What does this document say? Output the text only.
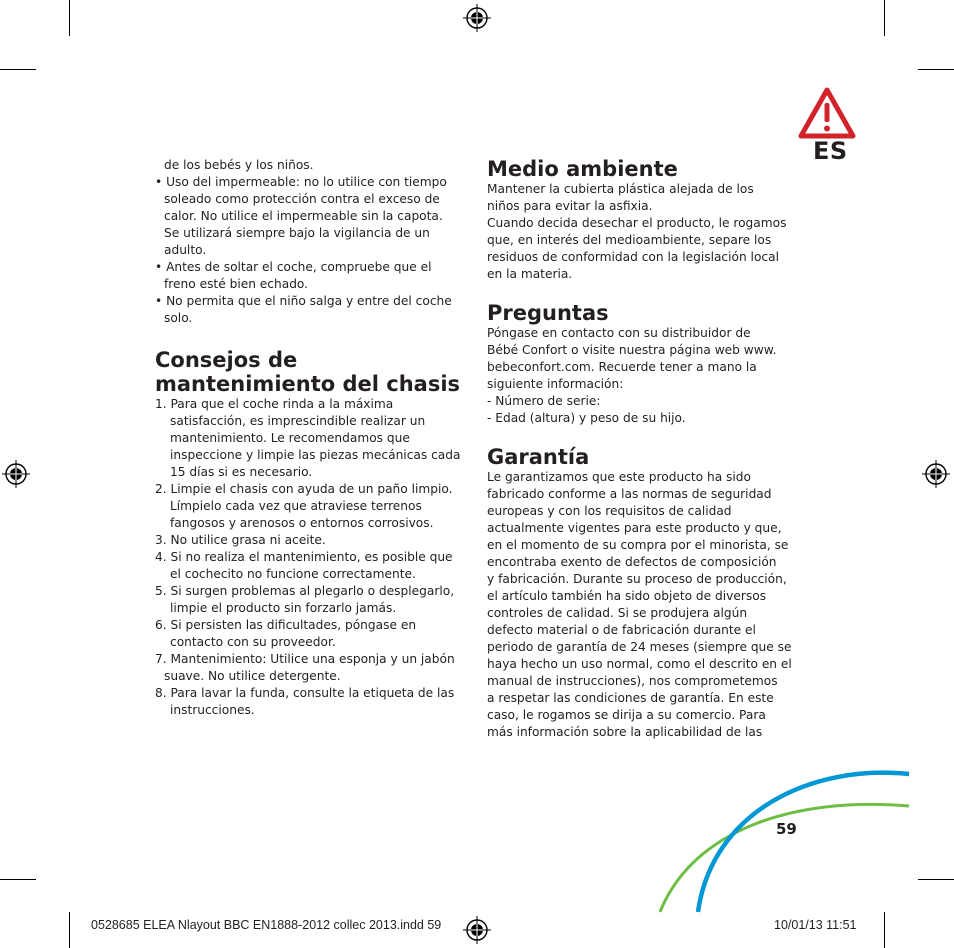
ES
de los bebés y los niños.
• Uso del impermeable: no lo utilice con tiempo
soleado como protección contra el exceso de
calor. No utilice el impermeable sin la capota.
Se utilizará siempre bajo la vigilancia de un
adulto.
• Antes de soltar el coche, compruebe que el
freno esté bien echado.
• No permita que el niño salga y entre del coche
solo.
Consejos de
mantenimiento del chasis
1. Para que el coche rinda a la máxima
satisfacción, es imprescindible realizar un
mantenimiento. Le recomendamos que
inspeccione y limpie las piezas mecánicas cada
15 días si es necesario.
2. Limpie el chasis con ayuda de un paño limpio.
Límpielo cada vez que atraviese terrenos
fangosos y arenosos o entornos corrosivos.
3. No utilice grasa ni aceite.
4. Si no realiza el mantenimiento, es posible que
el cochecito no funcione correctamente.
5. Si surgen problemas al plegarlo o desplegarlo,
limpie el producto sin forzarlo jamás.
6. Si persisten las dificultades, póngase en
contacto con su proveedor.
7. Mantenimiento: Utilice una esponja y un jabón
suave. No utilice detergente.
8. Para lavar la funda, consulte la etiqueta de las
instrucciones.
Medio ambiente
Mantener la cubierta plástica alejada de los
niños para evitar la asfixia.
Cuando decida desechar el producto, le rogamos
que, en interés del medioambiente, separe los
residuos de conformidad con la legislación local
en la materia.
Preguntas
Póngase en contacto con su distribuidor de
Bébé Confort o visite nuestra página web www.
bebeconfort.com. Recuerde tener a mano la
siguiente información:
- Número de serie:
- Edad (altura) y peso de su hijo.
Garantía
Le garantizamos que este producto ha sido
fabricado conforme a las normas de seguridad
europeas y con los requisitos de calidad
actualmente vigentes para este producto y que,
en el momento de su compra por el minorista, se
encontraba exento de defectos de composición
y fabricación. Durante su proceso de producción,
el artículo también ha sido objeto de diversos
controles de calidad. Si se produjera algún
defecto material o de fabricación durante el
periodo de garantía de 24 meses (siempre que se
haya hecho un uso normal, como el descrito en el
manual de instrucciones), nos comprometemos
a respetar las condiciones de garantía. En este
caso, le rogamos se dirija a su comercio. Para
más información sobre la aplicabilidad de las
59
0528685 ELEA Nlayout BBC EN1888-2012 collec 2013.indd 59	10/01/13 11:51
